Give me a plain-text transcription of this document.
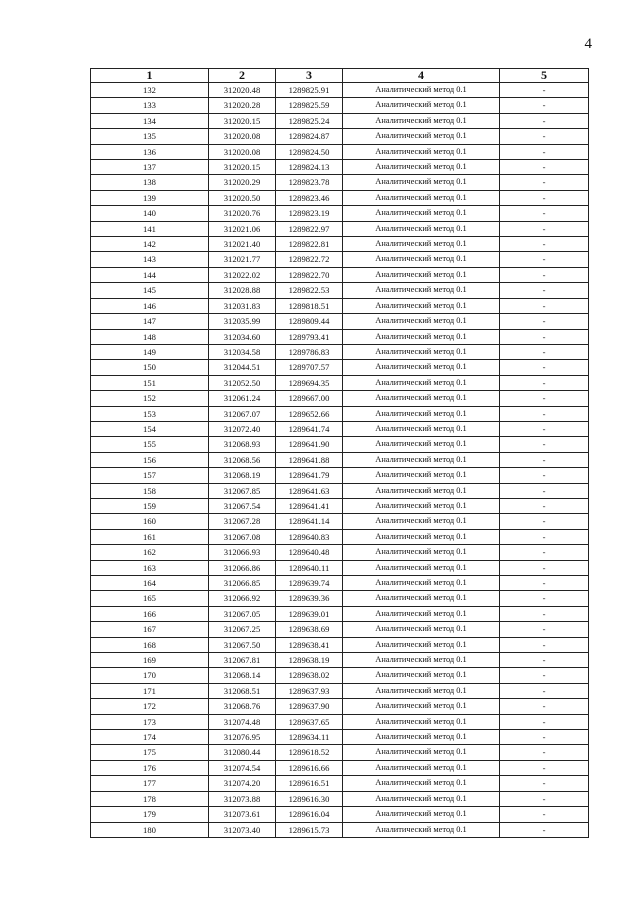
4
1	2	3	4	5
132	312020.48	1289825.91	Аналитический метод 0.1	-
133	312020.28	1289825.59	Аналитический метод 0.1	-
134	312020.15	1289825.24	Аналитический метод 0.1	-
135	312020.08	1289824.87	Аналитический метод 0.1	-
136	312020.08	1289824.50	Аналитический метод 0.1	-
137	312020.15	1289824.13	Аналитический метод 0.1	-
138	312020.29	1289823.78	Аналитический метод 0.1	-
139	312020.50	1289823.46	Аналитический метод 0.1	-
140	312020.76	1289823.19	Аналитический метод 0.1	-
141	312021.06	1289822.97	Аналитический метод 0.1	-
142	312021.40	1289822.81	Аналитический метод 0.1	-
143	312021.77	1289822.72	Аналитический метод 0.1	-
144	312022.02	1289822.70	Аналитический метод 0.1	-
145	312028.88	1289822.53	Аналитический метод 0.1	-
146	312031.83	1289818.51	Аналитический метод 0.1	-
147	312035.99	1289809.44	Аналитический метод 0.1	-
148	312034.60	1289793.41	Аналитический метод 0.1	-
149	312034.58	1289786.83	Аналитический метод 0.1	-
150	312044.51	1289707.57	Аналитический метод 0.1	-
151	312052.50	1289694.35	Аналитический метод 0.1	-
152	312061.24	1289667.00	Аналитический метод 0.1	-
153	312067.07	1289652.66	Аналитический метод 0.1	-
154	312072.40	1289641.74	Аналитический метод 0.1	-
155	312068.93	1289641.90	Аналитический метод 0.1	-
156	312068.56	1289641.88	Аналитический метод 0.1	-
157	312068.19	1289641.79	Аналитический метод 0.1	-
158	312067.85	1289641.63	Аналитический метод 0.1	-
159	312067.54	1289641.41	Аналитический метод 0.1	-
160	312067.28	1289641.14	Аналитический метод 0.1	-
161	312067.08	1289640.83	Аналитический метод 0.1	-
162	312066.93	1289640.48	Аналитический метод 0.1	-
163	312066.86	1289640.11	Аналитический метод 0.1	-
164	312066.85	1289639.74	Аналитический метод 0.1	-
165	312066.92	1289639.36	Аналитический метод 0.1	-
166	312067.05	1289639.01	Аналитический метод 0.1	-
167	312067.25	1289638.69	Аналитический метод 0.1	-
168	312067.50	1289638.41	Аналитический метод 0.1	-
169	312067.81	1289638.19	Аналитический метод 0.1	-
170	312068.14	1289638.02	Аналитический метод 0.1	-
171	312068.51	1289637.93	Аналитический метод 0.1	-
172	312068.76	1289637.90	Аналитический метод 0.1	-
173	312074.48	1289637.65	Аналитический метод 0.1	-
174	312076.95	1289634.11	Аналитический метод 0.1	-
175	312080.44	1289618.52	Аналитический метод 0.1	-
176	312074.54	1289616.66	Аналитический метод 0.1	-
177	312074.20	1289616.51	Аналитический метод 0.1	-
178	312073.88	1289616.30	Аналитический метод 0.1	-
179	312073.61	1289616.04	Аналитический метод 0.1	-
180	312073.40	1289615.73	Аналитический метод 0.1	-
